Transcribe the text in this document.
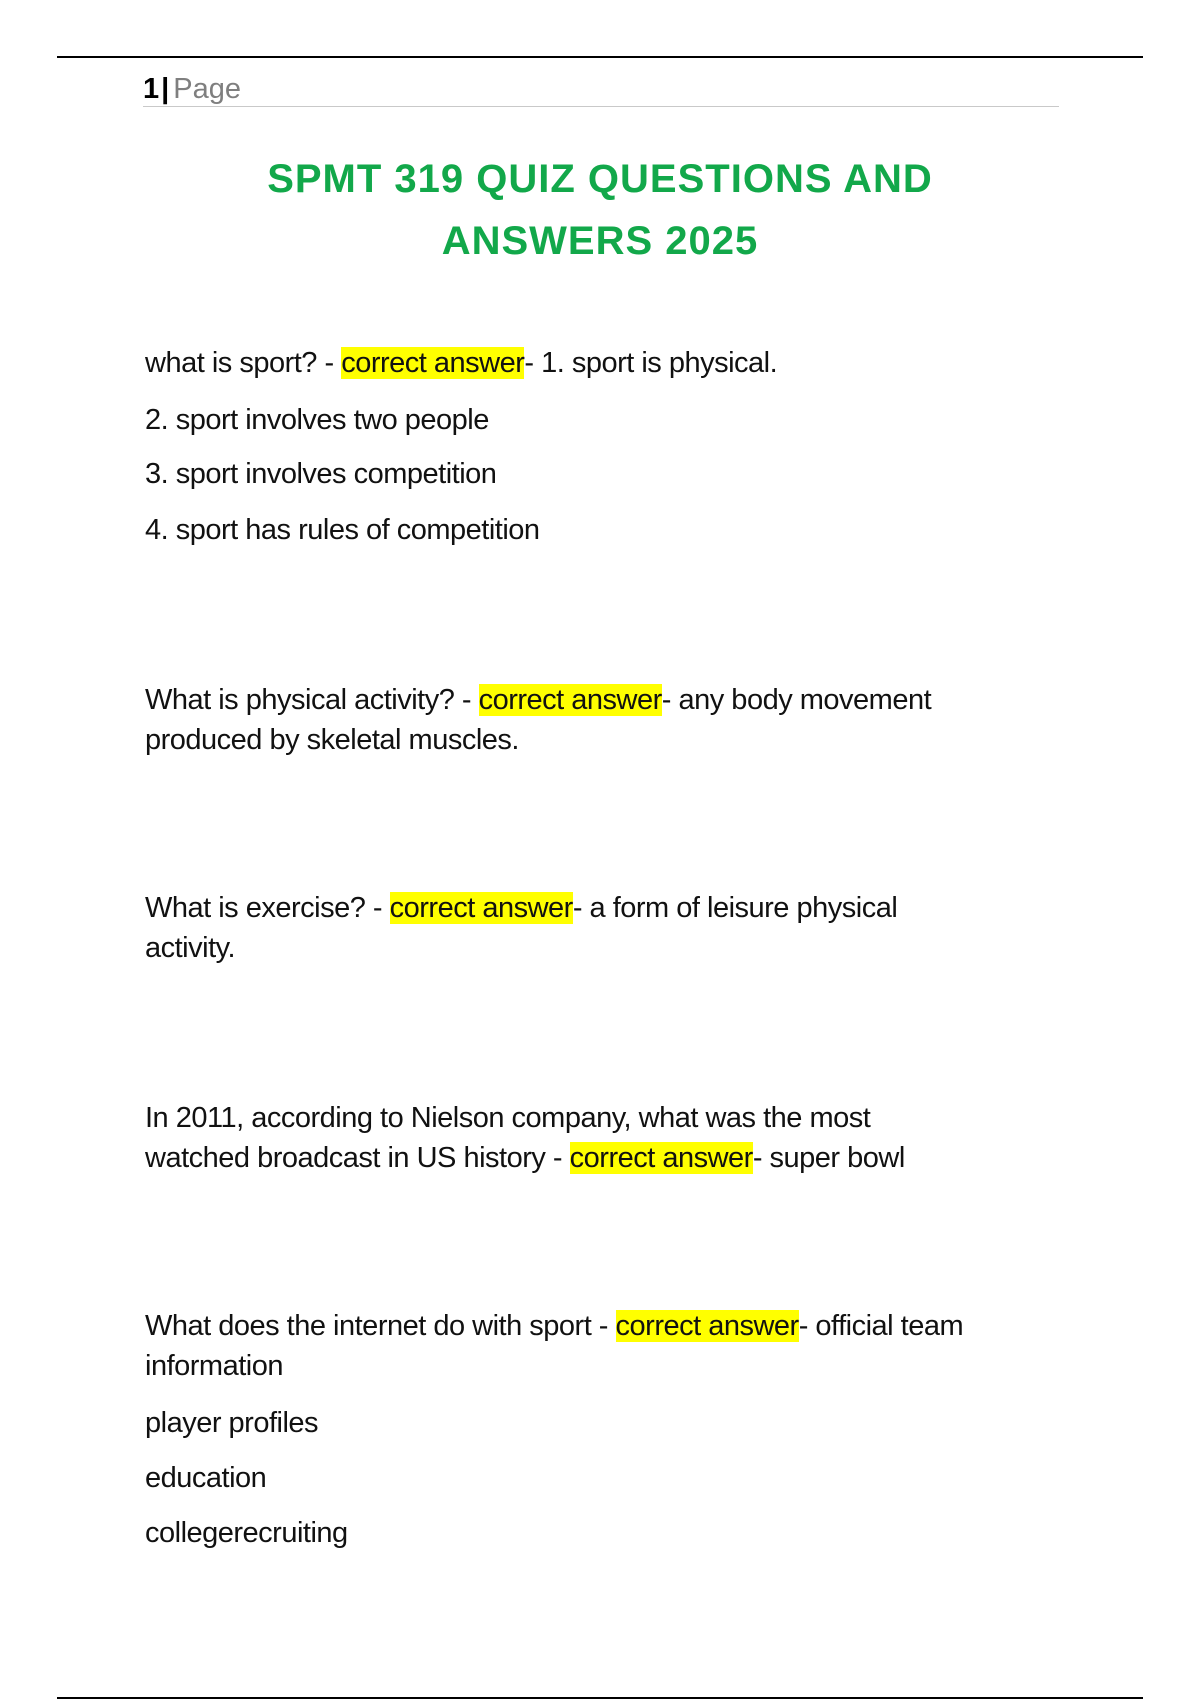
1| Page
SPMT 319 QUIZ QUESTIONS AND
ANSWERS 2025
what is sport? - correct answer- 1. sport is physical.
2. sport involves two people
3. sport involves competition
4. sport has rules of competition
What is physical activity? - correct answer- any body movement
produced by skeletal muscles.
What is exercise? - correct answer- a form of leisure physical
activity.
In 2011, according to Nielson company, what was the most
watched broadcast in US history - correct answer- super bowl
What does the internet do with sport - correct answer- official team
information
player profiles
education
collegerecruiting
